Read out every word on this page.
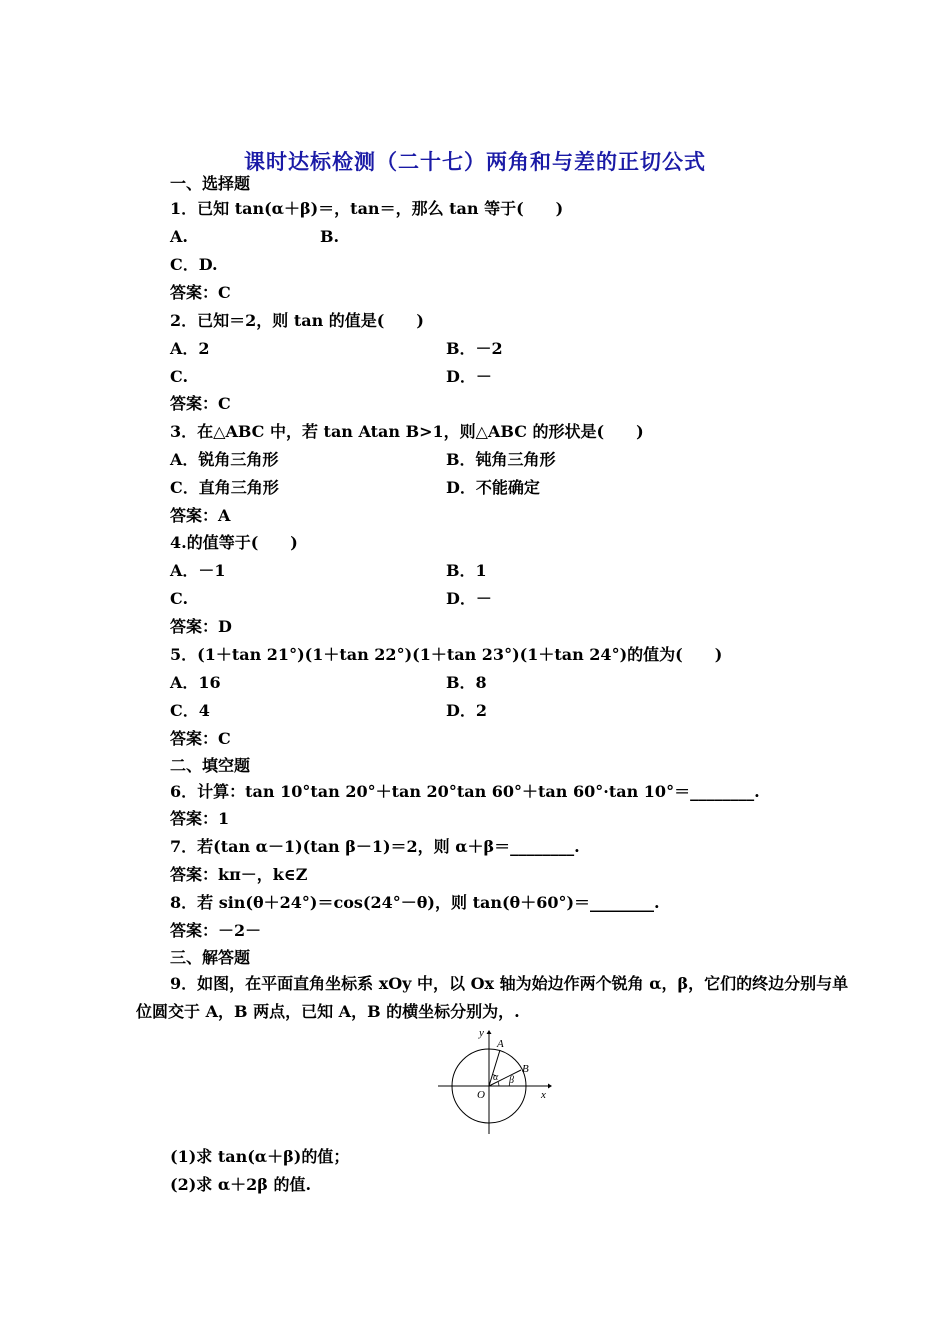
课时达标检测（二十七）两角和与差的正切公式
一、选择题
1．已知 tan(α＋β)＝，tan＝，那么 tan 等于(　　)
A.	B.
C．D.
答案：C
2．已知＝2，则 tan 的值是(　　)
A．2	B．－2
C.	D．－
答案：C
3．在△ABC 中，若 tan Atan B>1，则△ABC 的形状是(　　)
A．锐角三角形	B．钝角三角形
C．直角三角形	D．不能确定
答案：A
4.的值等于(　　)
A．－1	B．1
C.	D．－
答案：D
5．(1＋tan 21°)(1＋tan 22°)(1＋tan 23°)(1＋tan 24°)的值为(　　)
A．16	B．8
C．4	D．2
答案：C
二、填空题
6．计算：tan 10°tan 20°＋tan 20°tan 60°＋tan 60°·tan 10°＝________.
答案：1
7．若(tan α－1)(tan β－1)＝2，则 α＋β＝________.
答案：kπ－，k∈Z
8．若 sin(θ＋24°)＝cos(24°－θ)，则 tan(θ＋60°)＝________.
答案：－2－
三、解答题
9．如图，在平面直角坐标系 xOy 中，以 Ox 轴为始边作两个锐角 α，β，它们的终边分别与单
位圆交于 A，B 两点，已知 A，B 的横坐标分别为，.
y
x
O
A
B
α β
(1)求 tan(α＋β)的值；
(2)求 α＋2β 的值.
